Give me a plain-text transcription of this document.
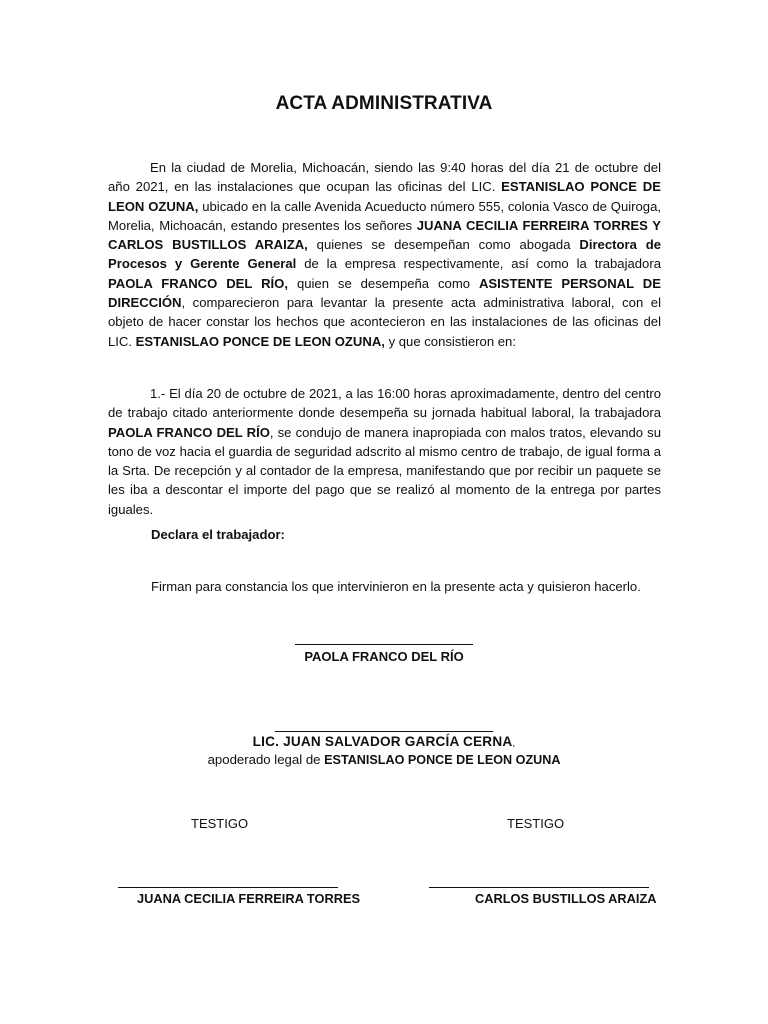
ACTA ADMINISTRATIVA

En la ciudad de Morelia, Michoacán, siendo las 9:40 horas del día 21 de octubre del año 2021, en las instalaciones que ocupan las oficinas del LIC. ESTANISLAO PONCE DE LEON OZUNA, ubicado en la calle Avenida Acueducto número 555, colonia Vasco de Quiroga, Morelia, Michoacán, estando presentes los señores JUANA CECILIA FERREIRA TORRES Y CARLOS BUSTILLOS ARAIZA, quienes se desempeñan como abogada Directora de Procesos y Gerente General de la empresa respectivamente, así como la trabajadora PAOLA FRANCO DEL RÍO, quien se desempeña como ASISTENTE PERSONAL DE DIRECCIÓN, comparecieron para levantar la presente acta administrativa laboral, con el objeto de hacer constar los hechos que acontecieron en las instalaciones de las oficinas del LIC. ESTANISLAO PONCE DE LEON OZUNA, y que consistieron en:

1.- El día 20 de octubre de 2021, a las 16:00 horas aproximadamente, dentro del centro de trabajo citado anteriormente donde desempeña su jornada habitual laboral, la trabajadora PAOLA FRANCO DEL RÍO, se condujo de manera inapropiada con malos tratos, elevando su tono de voz hacia el guardia de seguridad adscrito al mismo centro de trabajo, de igual forma a la Srta. De recepción y al contador de la empresa, manifestando que por recibir un paquete se les iba a descontar el importe del pago que se realizó al momento de la entrega por partes iguales.

Declara el trabajador:
Firman para constancia los que intervinieron en la presente acta y quisieron hacerlo.
PAOLA FRANCO DEL RÍO
LIC. JUAN SALVADOR GARCÍA CERNA,
apoderado legal de ESTANISLAO PONCE DE LEON OZUNA
TESTIGO	TESTIGO
JUANA CECILIA FERREIRA TORRES	CARLOS BUSTILLOS ARAIZA
